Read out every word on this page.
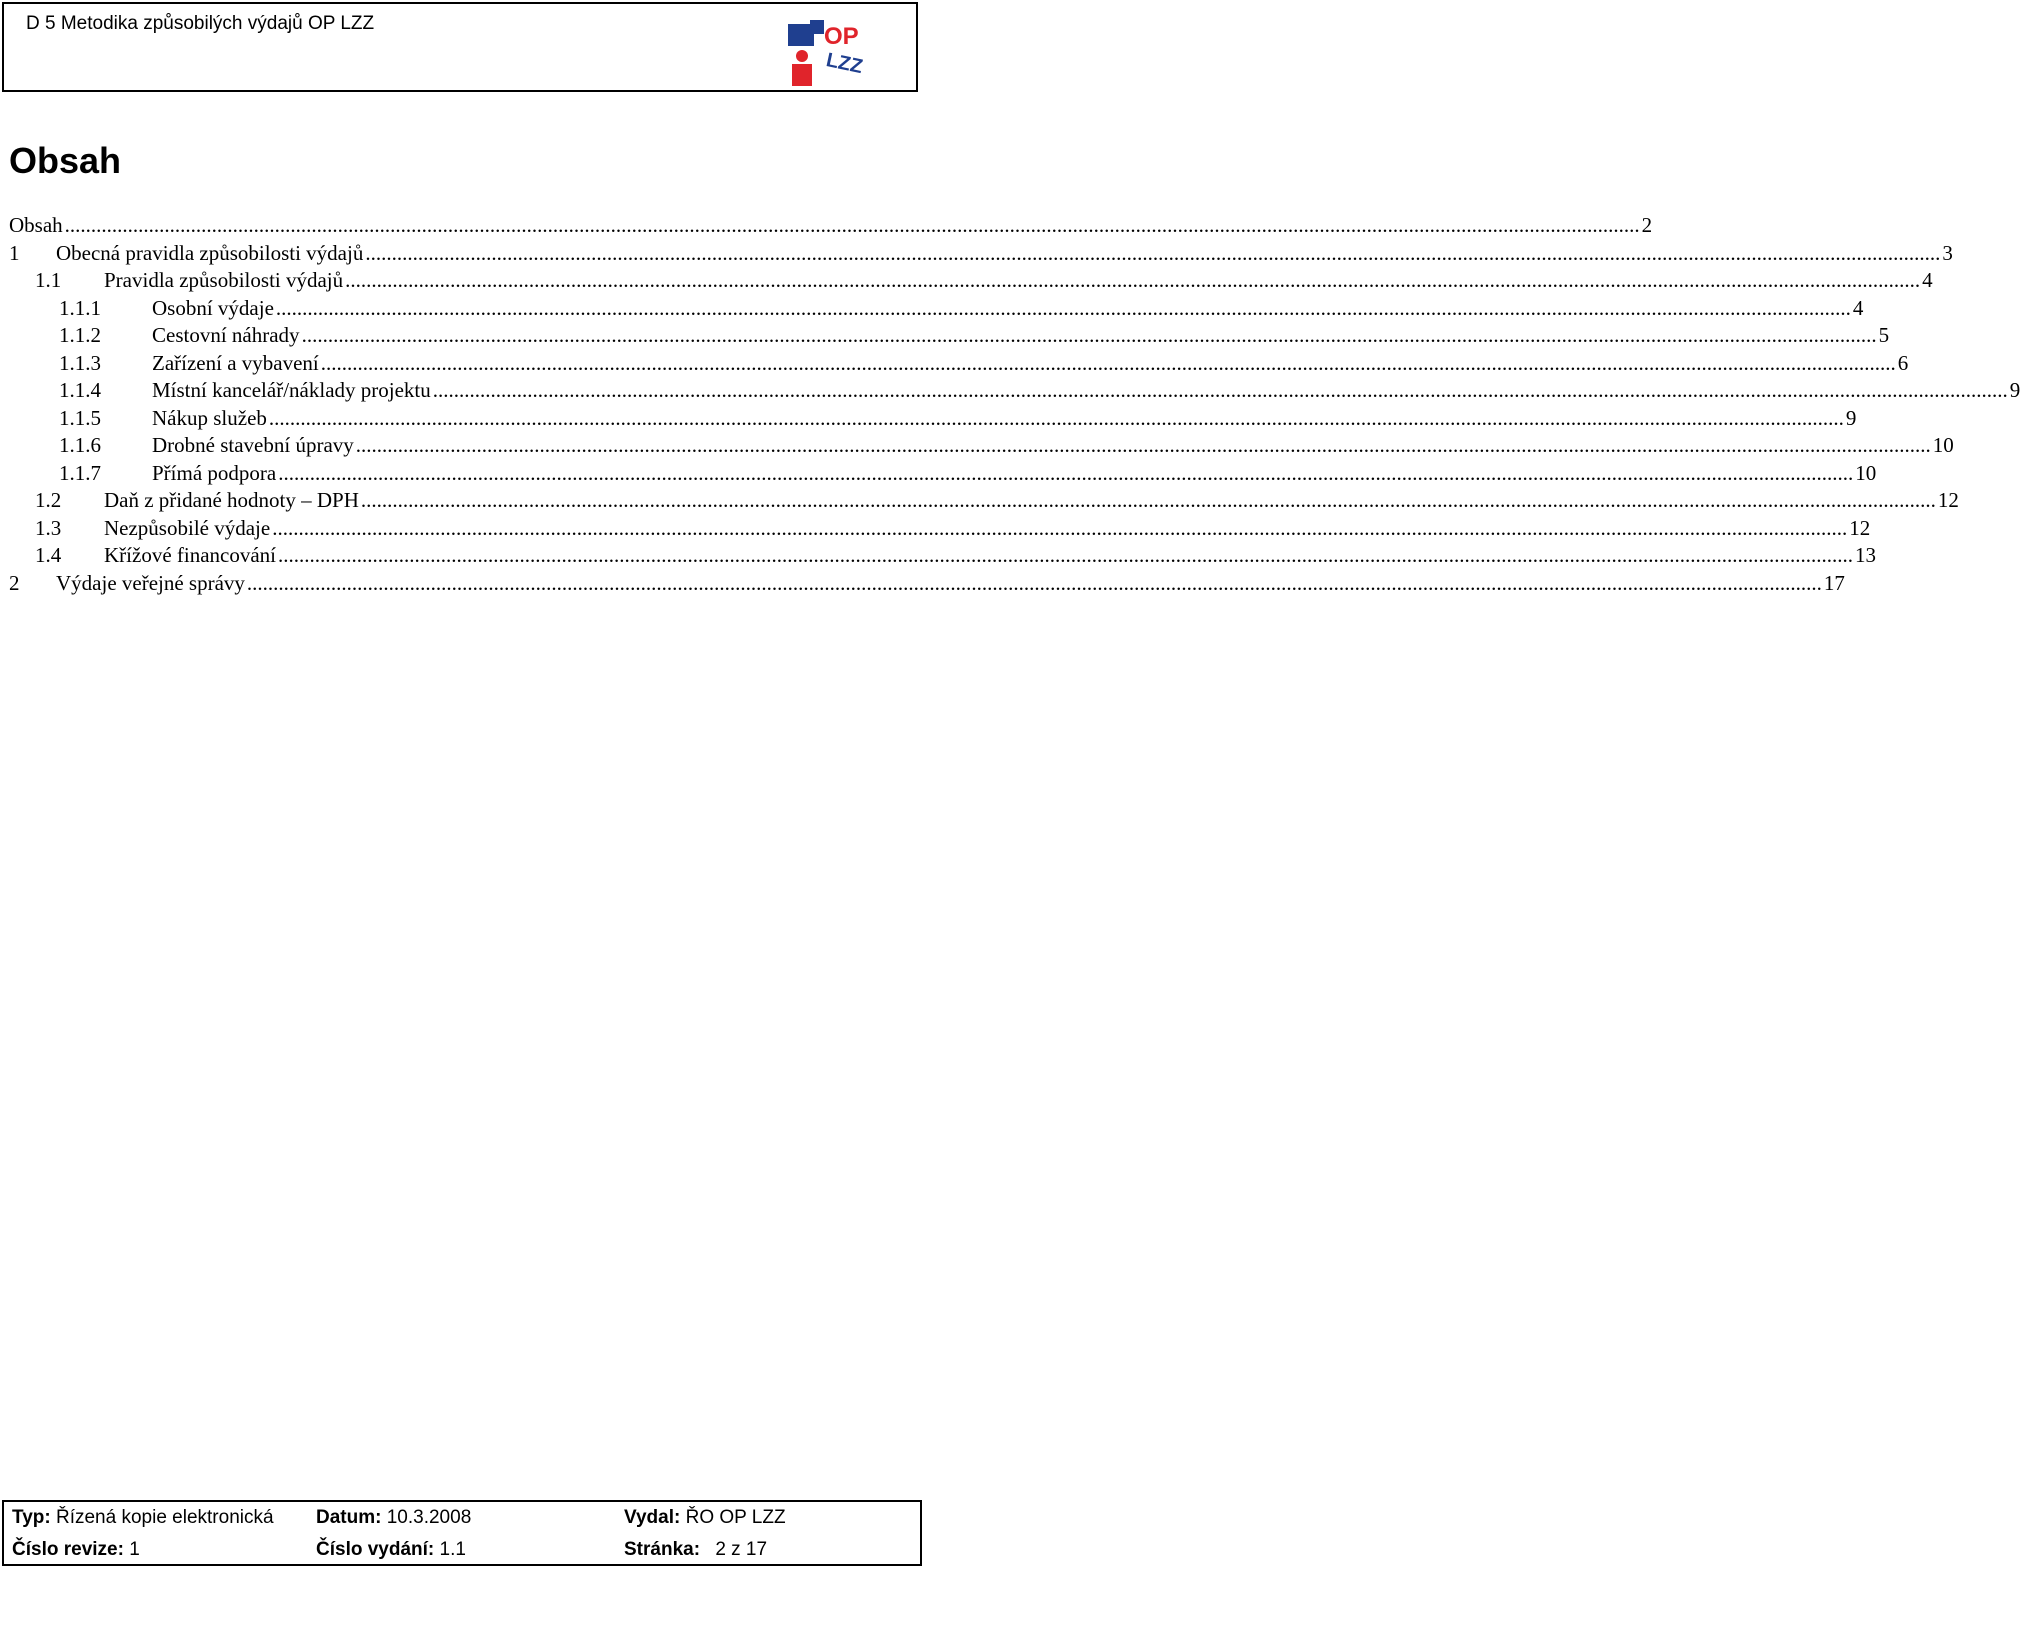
D 5 Metodika způsobilých výdajů OP LZZ	OP
LZZ
Obsah
Obsah ............................................................................................................................................................................................................................................................................................................ 2
1	Obecná pravidla způsobilosti výdajů ............................................................................................................................................................................................................................................................................................................ 3
1.1	Pravidla způsobilosti výdajů ............................................................................................................................................................................................................................................................................................................ 4
1.1.1	Osobní výdaje ............................................................................................................................................................................................................................................................................................................ 4
1.1.2	Cestovní náhrady ............................................................................................................................................................................................................................................................................................................ 5
1.1.3	Zařízení a vybavení ............................................................................................................................................................................................................................................................................................................ 6
1.1.4	Místní kancelář/náklady projektu ............................................................................................................................................................................................................................................................................................................ 9
1.1.5	Nákup služeb ............................................................................................................................................................................................................................................................................................................ 9
1.1.6	Drobné stavební úpravy ............................................................................................................................................................................................................................................................................................................ 10
1.1.7	Přímá podpora ............................................................................................................................................................................................................................................................................................................ 10
1.2	Daň z přidané hodnoty – DPH ............................................................................................................................................................................................................................................................................................................ 12
1.3	Nezpůsobilé výdaje ............................................................................................................................................................................................................................................................................................................ 12
1.4	Křížové financování ............................................................................................................................................................................................................................................................................................................ 13
2	Výdaje veřejné správy ............................................................................................................................................................................................................................................................................................................ 17
Typ: Řízená kopie elektronická Datum: 10.3.2008	Vydal: ŘO OP LZZ
Číslo revize: 1	Číslo vydání: 1.1	Stránka: 2 z 17
